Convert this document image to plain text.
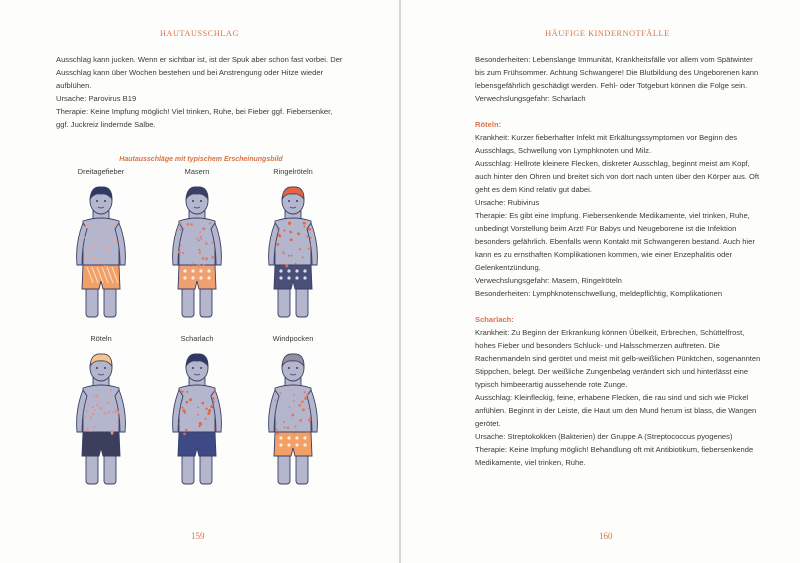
HAUTAUSSCHLAG

Ausschlag kann jucken. Wenn er sichtbar ist, ist der Spuk aber schon fast vorbei. Der Ausschlag kann über Wochen bestehen und bei Anstrengung oder Hitze wieder aufblühen.

Ursache: Parovirus B19

Therapie: Keine Impfung möglich! Viel trinken, Ruhe, bei Fieber ggf. Fiebersenker, ggf. Juckreiz lindernde Salbe.

Hautausschläge mit typischem Erscheinungsbild
Dreitagefieber	Masern	Ringelröteln
Röteln	Scharlach	Windpocken
159
HÄUFIGE KINDERNOTFÄLLE

Besonderheiten: Lebenslange Immunität, Krankheitsfälle vor allem vom Spätwinter bis zum Frühsommer. Achtung Schwangere! Die Blutbildung des Ungeborenen kann lebensgefährlich geschädigt werden. Fehl- oder Totgeburt können die Folge sein.

Verwechslungsgefahr: Scharlach

Röteln:

Krankheit: Kurzer fieberhafter Infekt mit Erkältungssymptomen vor Beginn des Ausschlags, Schwellung von Lymphknoten und Milz.

Ausschlag: Hellrote kleinere Flecken, diskreter Ausschlag, beginnt meist am Kopf, auch hinter den Ohren und breitet sich von dort nach unten über den Körper aus. Oft geht es dem Kind relativ gut dabei.

Ursache: Rubivirus

Therapie: Es gibt eine Impfung. Fiebersenkende Medikamente, viel trinken, Ruhe, unbedingt Vorstellung beim Arzt! Für Babys und Neugeborene ist die Infektion besonders gefährlich. Ebenfalls wenn Kontakt mit Schwangeren bestand. Auch hier kann es zu ernsthaften Komplikationen kommen, wie einer Enzephalitis oder Gelenkentzündung.

Verwechslungsgefahr: Masern, Ringelröteln

Besonderheiten: Lymphknotenschwellung, meldepflichtig, Komplikationen

Scharlach:

Krankheit: Zu Beginn der Erkrankung können Übelkeit, Erbrechen, Schüttelfrost, hohes Fieber und besonders Schluck- und Halsschmerzen auftreten. Die Rachenmandeln sind gerötet und meist mit gelb-weißlichen Pünktchen, sogenannten Stippchen, belegt. Der weißliche Zungenbelag verändert sich und hinterlässt eine typisch himbeerartig aussehende rote Zunge.

Ausschlag: Kleinfleckig, feine, erhabene Flecken, die rau sind und sich wie Pickel anfühlen. Beginnt in der Leiste, die Haut um den Mund herum ist blass, die Wangen gerötet.

Ursache: Streptokokken (Bakterien) der Gruppe A (Streptococcus pyogenes)

Therapie: Keine Impfung möglich! Behandlung oft mit Antibiotikum, fiebersenkende Medikamente, viel trinken, Ruhe.

160
